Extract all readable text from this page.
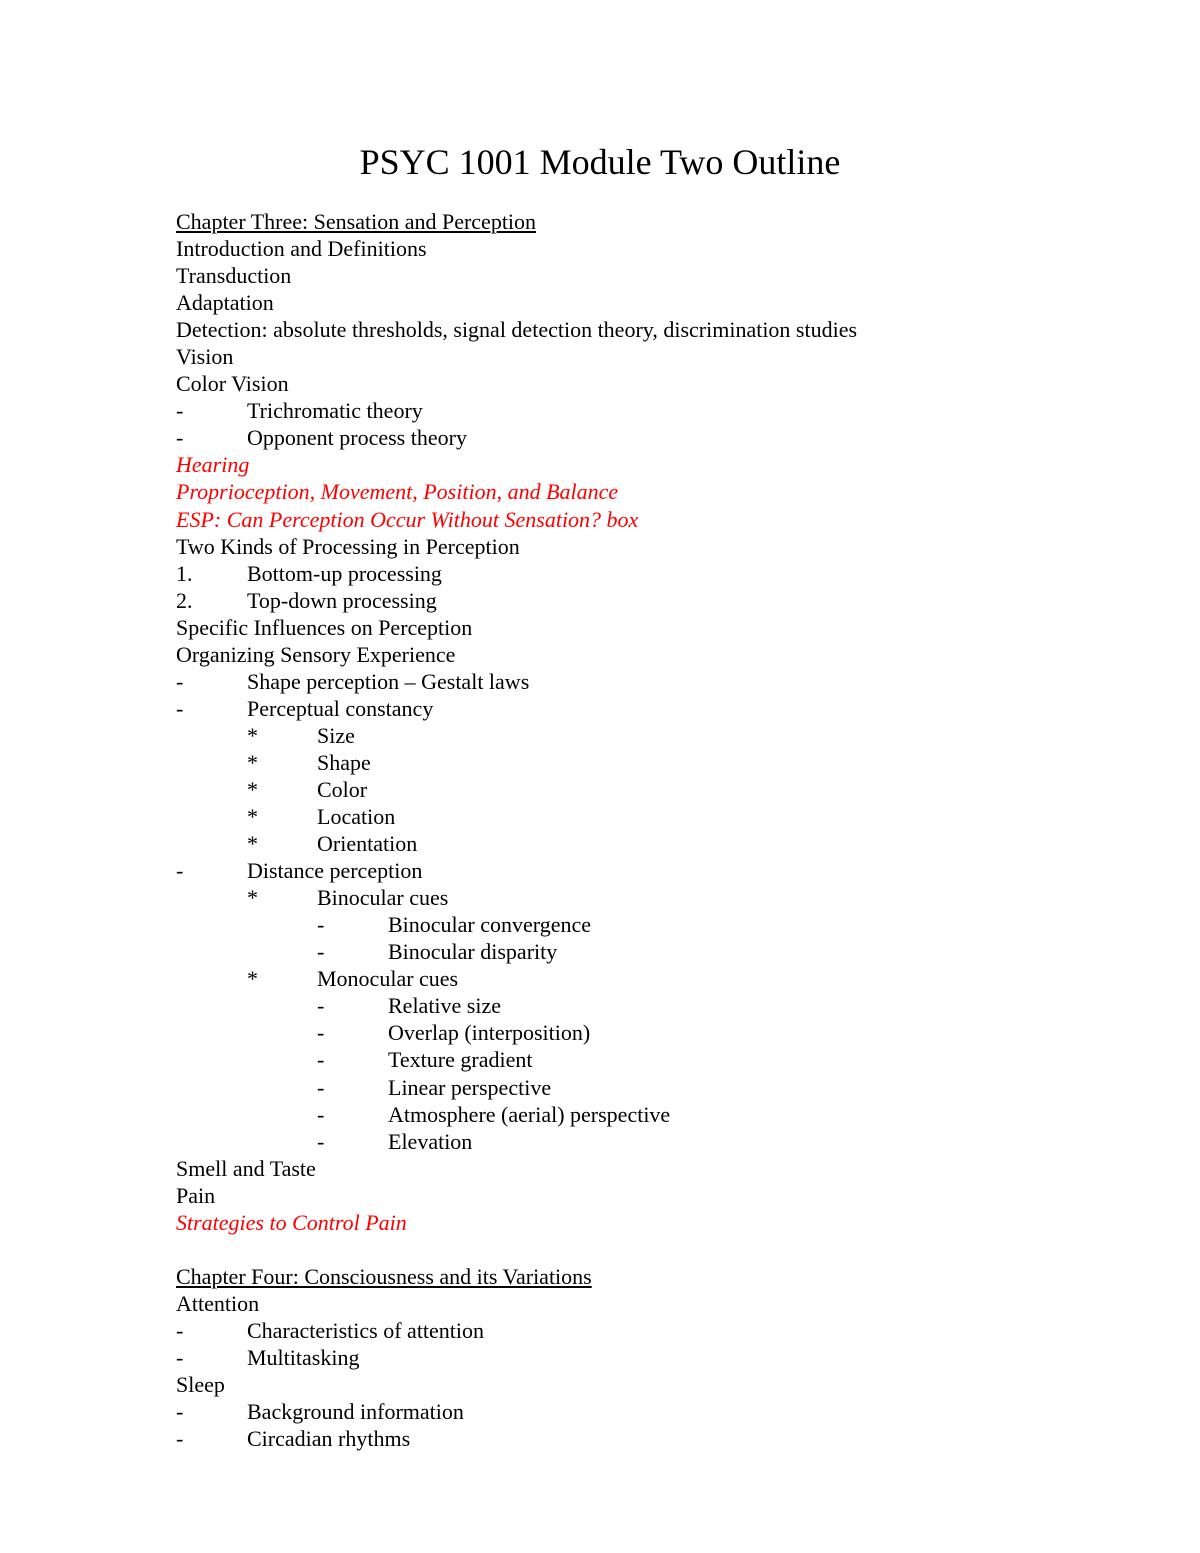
PSYC 1001 Module Two Outline
Chapter Three: Sensation and Perception
Introduction and Definitions
Transduction
Adaptation
Detection: absolute thresholds, signal detection theory, discrimination studies
Vision
Color Vision
-	Trichromatic theory
-	Opponent process theory
Hearing
Proprioception, Movement, Position, and Balance
ESP: Can Perception Occur Without Sensation? box
Two Kinds of Processing in Perception
1. Bottom-up processing
2. Top-down processing
Specific Influences on Perception
Organizing Sensory Experience
-	Shape perception – Gestalt laws
-	Perceptual constancy
*	Size
*	Shape
*	Color
*	Location
*	Orientation
-	Distance perception
*	Binocular cues
-	Binocular convergence
-	Binocular disparity
*	Monocular cues
-	Relative size
-	Overlap (interposition)
-	Texture gradient
-	Linear perspective
-	Atmosphere (aerial) perspective
-	Elevation
Smell and Taste
Pain
Strategies to Control Pain
Chapter Four: Consciousness and its Variations
Attention
-	Characteristics of attention
-	Multitasking
Sleep
-	Background information
-	Circadian rhythms
